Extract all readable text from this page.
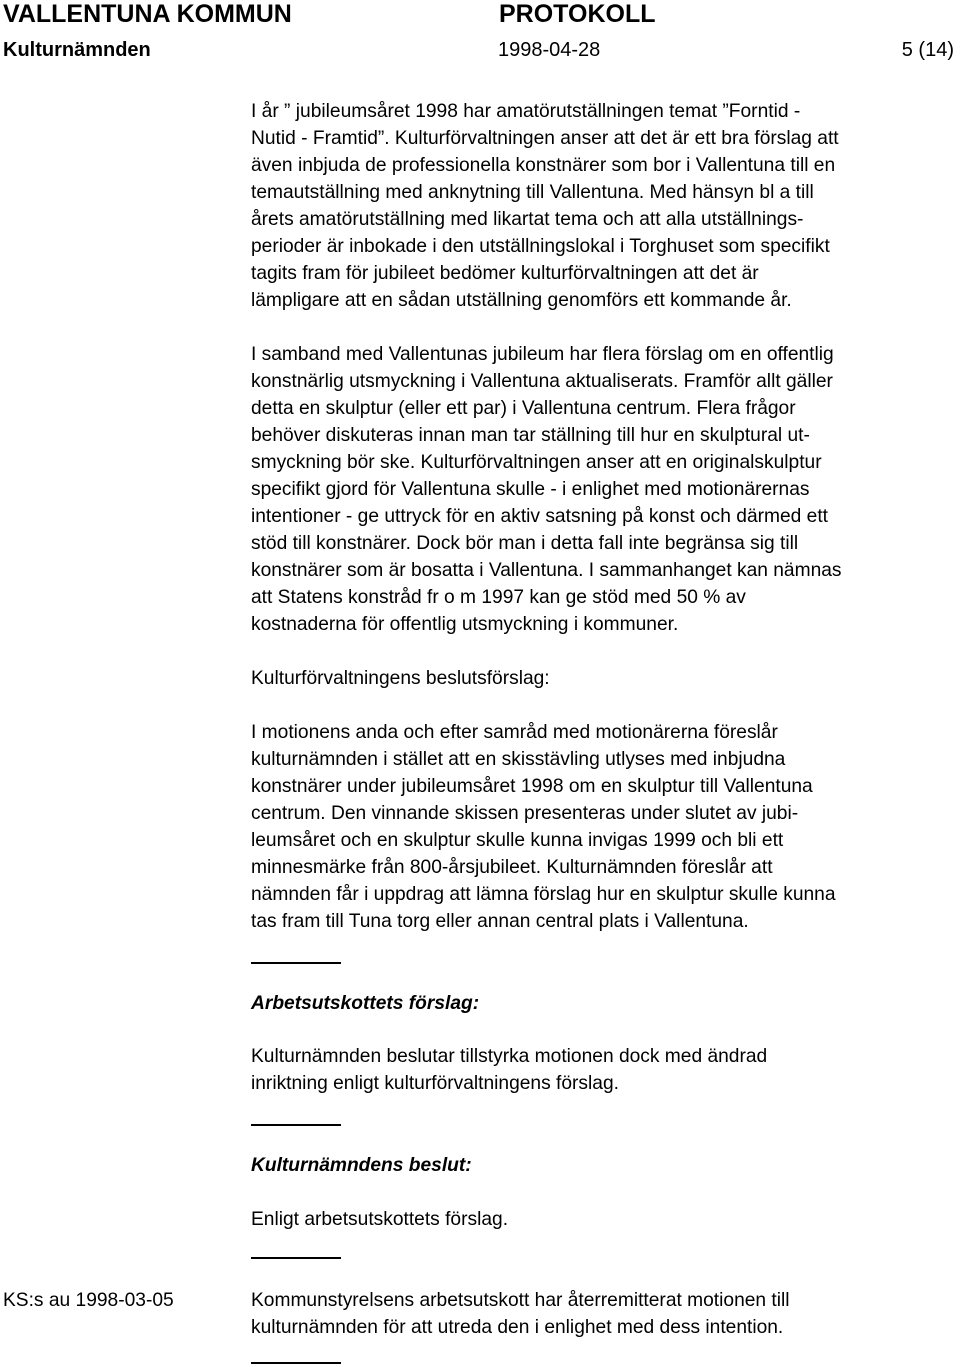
VALLENTUNA KOMMUN	PROTOKOLL
Kulturnämnden	1998-04-28	5 (14)
I år ” jubileumsåret 1998 har amatörutställningen temat ”Forntid -
Nutid - Framtid”. Kulturförvaltningen anser att det är ett bra förslag att
även inbjuda de professionella konstnärer som bor i Vallentuna till en
temautställning med anknytning till Vallentuna. Med hänsyn bl a till
årets amatörutställning med likartat tema och att alla utställnings-
perioder är inbokade i den utställningslokal i Torghuset som specifikt
tagits fram för jubileet bedömer kulturförvaltningen att det är
lämpligare att en sådan utställning genomförs ett kommande år.
I samband med Vallentunas jubileum har flera förslag om en offentlig
konstnärlig utsmyckning i Vallentuna aktualiserats. Framför allt gäller
detta en skulptur (eller ett par) i Vallentuna centrum. Flera frågor
behöver diskuteras innan man tar ställning till hur en skulptural ut-
smyckning bör ske. Kulturförvaltningen anser att en originalskulptur
specifikt gjord för Vallentuna skulle - i enlighet med motionärernas
intentioner - ge uttryck för en aktiv satsning på konst och därmed ett
stöd till konstnärer. Dock bör man i detta fall inte begränsa sig till
konstnärer som är bosatta i Vallentuna. I sammanhanget kan nämnas
att Statens konstråd fr o m 1997 kan ge stöd med 50 % av
kostnaderna för offentlig utsmyckning i kommuner.
Kulturförvaltningens beslutsförslag:
I motionens anda och efter samråd med motionärerna föreslår
kulturnämnden i stället att en skisstävling utlyses med inbjudna
konstnärer under jubileumsåret 1998 om en skulptur till Vallentuna
centrum. Den vinnande skissen presenteras under slutet av jubi-
leumsåret och en skulptur skulle kunna invigas 1999 och bli ett
minnesmärke från 800-årsjubileet. Kulturnämnden föreslår att
nämnden får i uppdrag att lämna förslag hur en skulptur skulle kunna
tas fram till Tuna torg eller annan central plats i Vallentuna.
Arbetsutskottets förslag:
Kulturnämnden beslutar tillstyrka motionen dock med ändrad
inriktning enligt kulturförvaltningens förslag.
Kulturnämndens beslut:
Enligt arbetsutskottets förslag.
KS:s au 1998-03-05	Kommunstyrelsens arbetsutskott har återremitterat motionen till
kulturnämnden för att utreda den i enlighet med dess intention.
